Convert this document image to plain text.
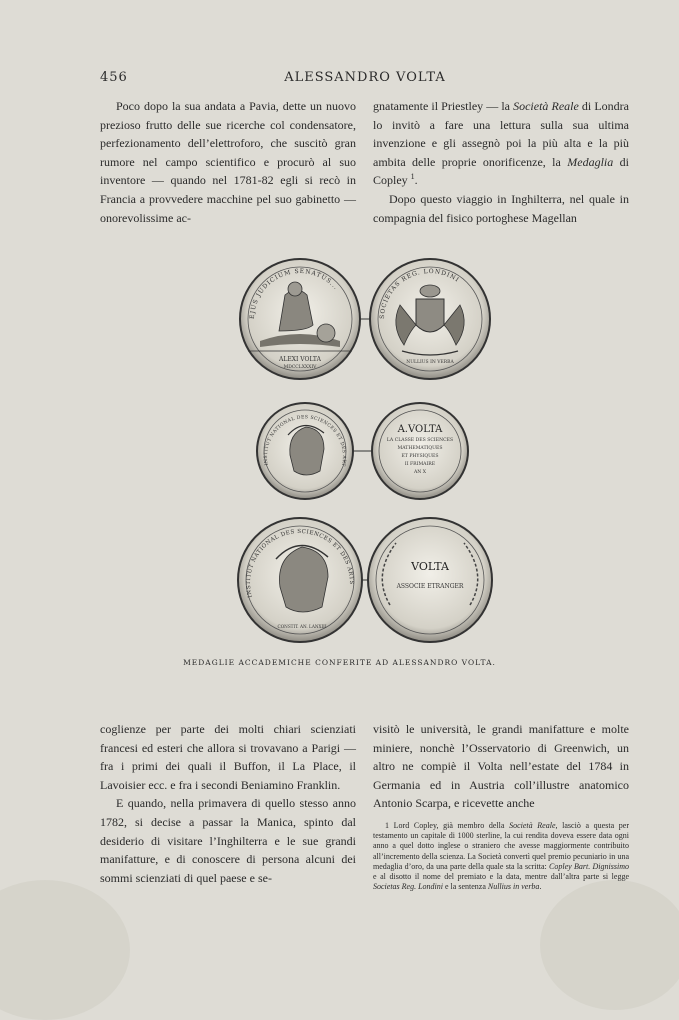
456	ALESSANDRO VOLTA

Poco dopo la sua andata a Pavia, dette un nuovo prezioso frutto delle sue ricerche col condensatore, perfezionamento dell’elettroforo, che suscitò gran rumore nel campo scientifico e procurò al suo inventore — quando nel 1781-82 egli si recò in Francia a provvedere macchine pel suo gabinetto — onorevolissime ac-

gnatamente il Priestley — la Società Reale di Londra lo invitò a fare una lettura sulla sua ultima invenzione e gli assegnò poi la più alta e la più ambita delle proprie onorificenze, la Medaglia di Copley $^1$.

Dopo questo viaggio in Inghilterra, nel quale in compagnia del fisico portoghese Magellan

EJUS JUDICIUM SENATUS...
ALEXI VOLTA
MDCCLXXXIV
SOCIETAS REG. LONDINI
NULLIUS IN VERBA
INSTITUT NATIONAL DES SCIENCES ET DES ART
A.VOLTA
LA CLASSE DES SCIENCES
MATHEMATIQUES
ET PHYSIQUES
II FRIMAIRE
AN X
INSTITUT NATIONAL DES SCIENCES ET DES ARTS
CONSTIT. AN. LANXIII
VOLTA
ASSOCIE ETRANGER
MEDAGLIE ACCADEMICHE CONFERITE AD ALESSANDRO VOLTA.

coglienze per parte dei molti chiari scienziati francesi ed esteri che allora si trovavano a Parigi — fra i primi dei quali il Buffon, il La Place, il Lavoisier ecc. e fra i secondi Beniamino Franklin.

E quando, nella primavera di quello stesso anno 1782, si decise a passar la Manica, spinto dal desiderio di visitare l’Inghilterra e le sue grandi manifatture, e di conoscere di persona alcuni dei sommi scienziati di quel paese e se-

visitò le università, le grandi manifatture e molte miniere, nonchè l’Osservatorio di Greenwich, un altro ne compiè il Volta nell’estate del 1784 in Germania ed in Austria coll’illustre anatomico Antonio Scarpa, e ricevette anche

1 Lord Copley, già membro della Società Reale, lasciò a questa per testamento un capitale di 1000 sterline, la cui rendita doveva essere data ogni anno a quel dotto inglese o straniero che avesse maggiormente contribuito all’incremento della scienza. La Società convertì quel premio pecuniario in una medaglia d’oro, da una parte della quale sta la scritta: Copley Bart. Dignissimo e al disotto il nome del premiato e la data, mentre dall’altra parte si legge Societas Reg. Londini e la sentenza Nullius in verba.
